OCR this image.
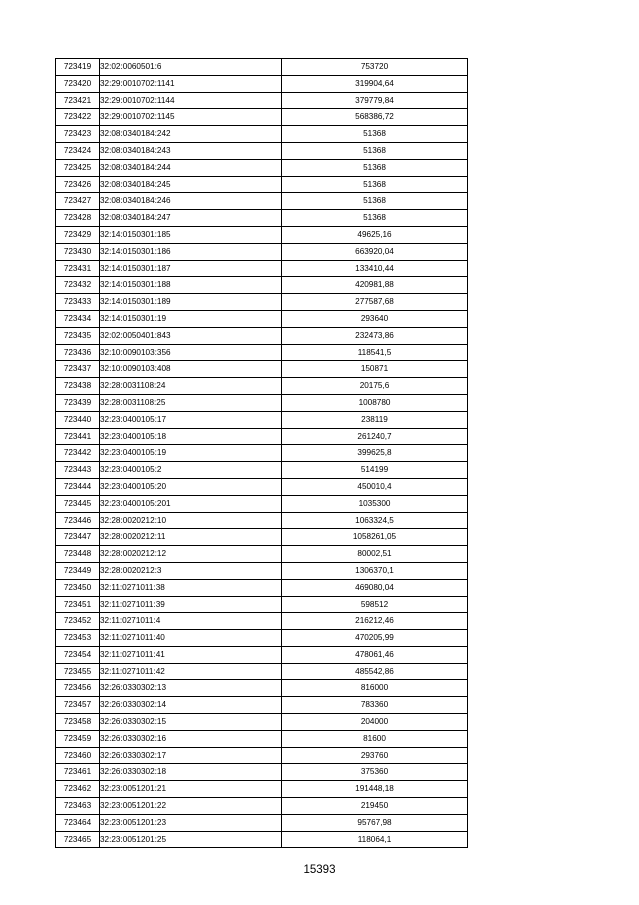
723419	32:02:0060501:6	753720
723420	32:29:0010702:1141	319904,64
723421	32:29:0010702:1144	379779,84
723422	32:29:0010702:1145	568386,72
723423	32:08:0340184:242	51368
723424	32:08:0340184:243	51368
723425	32:08:0340184:244	51368
723426	32:08:0340184:245	51368
723427	32:08:0340184:246	51368
723428	32:08:0340184:247	51368
723429	32:14:0150301:185	49625,16
723430	32:14:0150301:186	663920,04
723431	32:14:0150301:187	133410,44
723432	32:14:0150301:188	420981,88
723433	32:14:0150301:189	277587,68
723434	32:14:0150301:19	293640
723435	32:02:0050401:843	232473,86
723436	32:10:0090103:356	118541,5
723437	32:10:0090103:408	150871
723438	32:28:0031108:24	20175,6
723439	32:28:0031108:25	1008780
723440	32:23:0400105:17	238119
723441	32:23:0400105:18	261240,7
723442	32:23:0400105:19	399625,8
723443	32:23:0400105:2	514199
723444	32:23:0400105:20	450010,4
723445	32:23:0400105:201	1035300
723446	32:28:0020212:10	1063324,5
723447	32:28:0020212:11	1058261,05
723448	32:28:0020212:12	80002,51
723449	32:28:0020212:3	1306370,1
723450	32:11:0271011:38	469080,04
723451	32:11:0271011:39	598512
723452	32:11:0271011:4	216212,46
723453	32:11:0271011:40	470205,99
723454	32:11:0271011:41	478061,46
723455	32:11:0271011:42	485542,86
723456	32:26:0330302:13	816000
723457	32:26:0330302:14	783360
723458	32:26:0330302:15	204000
723459	32:26:0330302:16	81600
723460	32:26:0330302:17	293760
723461	32:26:0330302:18	375360
723462	32:23:0051201:21	191448,18
723463	32:23:0051201:22	219450
723464	32:23:0051201:23	95767,98
723465	32:23:0051201:25	118064,1
15393
